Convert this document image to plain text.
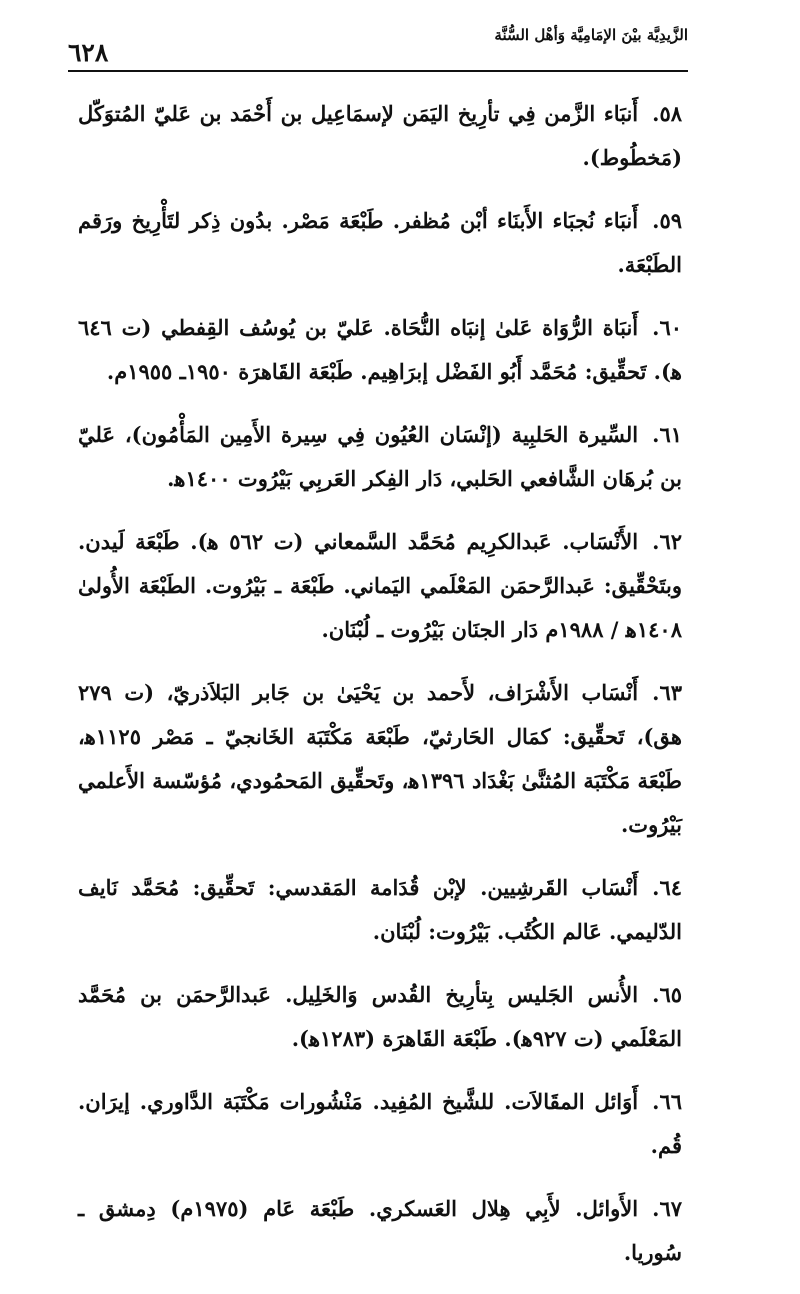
٦٢٨
الزَّيدِيَّة بيْنَ الإمَامِيَّة وَأهْل السُّنَّة

٥٨.أَنبَاء الزَّمن فِي تأرِيخ اليَمَن لإسمَاعِيل بن أَحْمَد بن عَليّ المُتوَكّل (مَخطُوط).

٥٩.أَنبَاء نُجبَاء الأَبنَاء أبْن مُظفر. طَبْعَة مَصْر. بدُون ذِكر لتَأْرِيخ ورَقم الطَبْعَة.

٦٠.أَنبَاة الرُّوَاة عَلىٰ إنبَاه النُّحَاة. عَليّ بن يُوسُف القِفطي (ت ٦٤٦ ﻫ). تَحقِّيق: مُحَمَّد أَبُو الفَضْل إبرَاهِيم. طَبْعَة القَاهرَة ١٩٥٠ـ ١٩٥٥م.

٦١.السِّيرة الحَلبِية (إنْسَان العُيُون فِي سِيرة الأَمِين المَأْمُون)، عَليّ بن بُرهَان الشَّافعي الحَلبي، دَار الفِكر العَربِي بَيْرُوت ١٤٠٠ﻫ.

٦٢.الأَنْسَاب. عَبدالكرِيم مُحَمَّد السَّمعاني (ت ٥٦٢ ﻫ). طَبْعَة لَيدن. وبتَحْقِّيق: عَبدالرَّحمَن المَعْلَمي اليَماني. طَبْعَة ـ بَيْرُوت. الطَبْعَة الأُولىٰ ١٤٠٨ﻫ / ١٩٨٨م دَار الجنَان بَيْرُوت ـ لُبْنَان.

٦٣.أَنْسَاب الأَشْرَاف، لأَحمد بن يَحْيَىٰ بن جَابر البَلاَذريّ، (ت ٢٧٩ هق)، تَحقِّيق: كمَال الحَارثيّ، طَبْعَة مَكْتَبَة الخَانجيّ ـ مَصْر ١١٢٥ﻫ، طَبْعَة مَكْتَبَة المُثنَّىٰ بَغْدَاد ١٣٩٦ﻫ، وتَحقِّيق المَحمُودي، مُؤسّسة الأَعلمي بَيْرُوت.

٦٤.أَنْسَاب القَرشِيين. لإبْن قُدَامة المَقدسي: تَحقِّيق: مُحَمَّد نَايف الدّليمي. عَالم الكُتُب. بَيْرُوت: لُبْنَان.

٦٥.الأُنس الجَليس بِتأرِيخ القُدس وَالخَلِيل. عَبدالرَّحمَن بن مُحَمَّد المَعْلَمي (ت ٩٢٧ﻫ). طَبْعَة القَاهرَة (١٢٨٣ﻫ).

٦٦.أَوَائل المقَالاَت. للشَّيخ المُفِيد. مَنْشُورات مَكْتَبَة الدَّاوري. إيرَان. قُم.

٦٧.الأَوائل. لأَبِي هِلال العَسكري. طَبْعَة عَام (١٩٧٥م) دِمشق ـ سُوريا.
